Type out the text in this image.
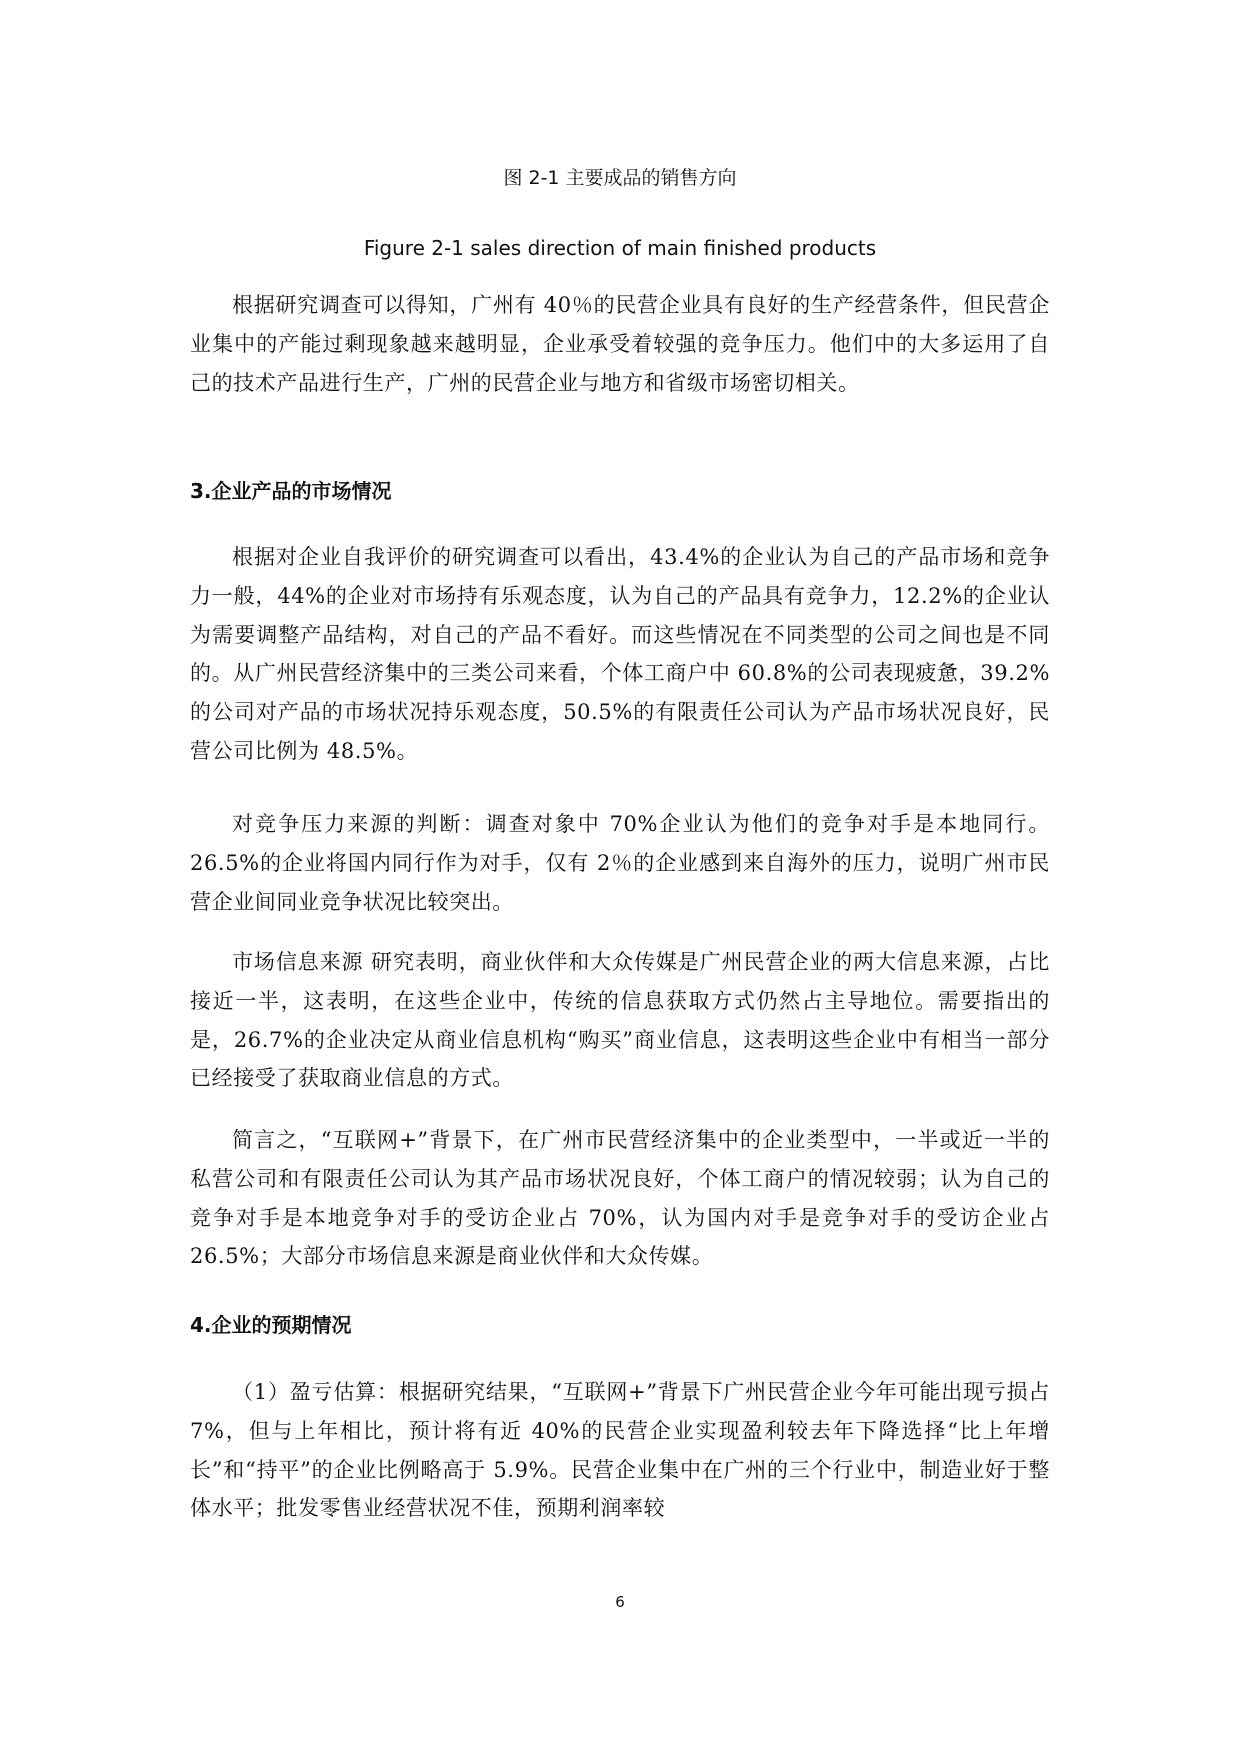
图 2-1 主要成品的销售方向
Figure 2-1 sales direction of main finished products

根据研究调查可以得知，广州有 40％的民营企业具有良好的生产经营条件，但民营企业集中的产能过剩现象越来越明显，企业承受着较强的竞争压力。他们中的大多运用了自己的技术产品进行生产，广州的民营企业与地方和省级市场密切相关。

3.企业产品的市场情况

根据对企业自我评价的研究调查可以看出，43.4%的企业认为自己的产品市场和竞争力一般，44%的企业对市场持有乐观态度，认为自己的产品具有竞争力，12.2%的企业认为需要调整产品结构，对自己的产品不看好。而这些情况在不同类型的公司之间也是不同的。从广州民营经济集中的三类公司来看，个体工商户中 60.8%的公司表现疲惫，39.2%的公司对产品的市场状况持乐观态度，50.5%的有限责任公司认为产品市场状况良好，民营公司比例为 48.5%。

对竞争压力来源的判断：调查对象中 70%企业认为他们的竞争对手是本地同行。26.5%的企业将国内同行作为对手，仅有 2％的企业感到来自海外的压力，说明广州市民营企业间同业竞争状况比较突出。

市场信息来源 研究表明，商业伙伴和大众传媒是广州民营企业的两大信息来源，占比接近一半，这表明，在这些企业中，传统的信息获取方式仍然占主导地位。需要指出的是，26.7%的企业决定从商业信息机构“购买”商业信息，这表明这些企业中有相当一部分已经接受了获取商业信息的方式。

简言之，“互联网+”背景下，在广州市民营经济集中的企业类型中，一半或近一半的私营公司和有限责任公司认为其产品市场状况良好，个体工商户的情况较弱；认为自己的竞争对手是本地竞争对手的受访企业占 70%，认为国内对手是竞争对手的受访企业占 26.5%；大部分市场信息来源是商业伙伴和大众传媒。

4.企业的预期情况

（1）盈亏估算：根据研究结果，“互联网+”背景下广州民营企业今年可能出现亏损占 7%，但与上年相比，预计将有近 40%的民营企业实现盈利较去年下降选择“比上年增长”和“持平”的企业比例略高于 5.9%。民营企业集中在广州的三个行业中，制造业好于整体水平；批发零售业经营状况不佳，预期利润率较

6
